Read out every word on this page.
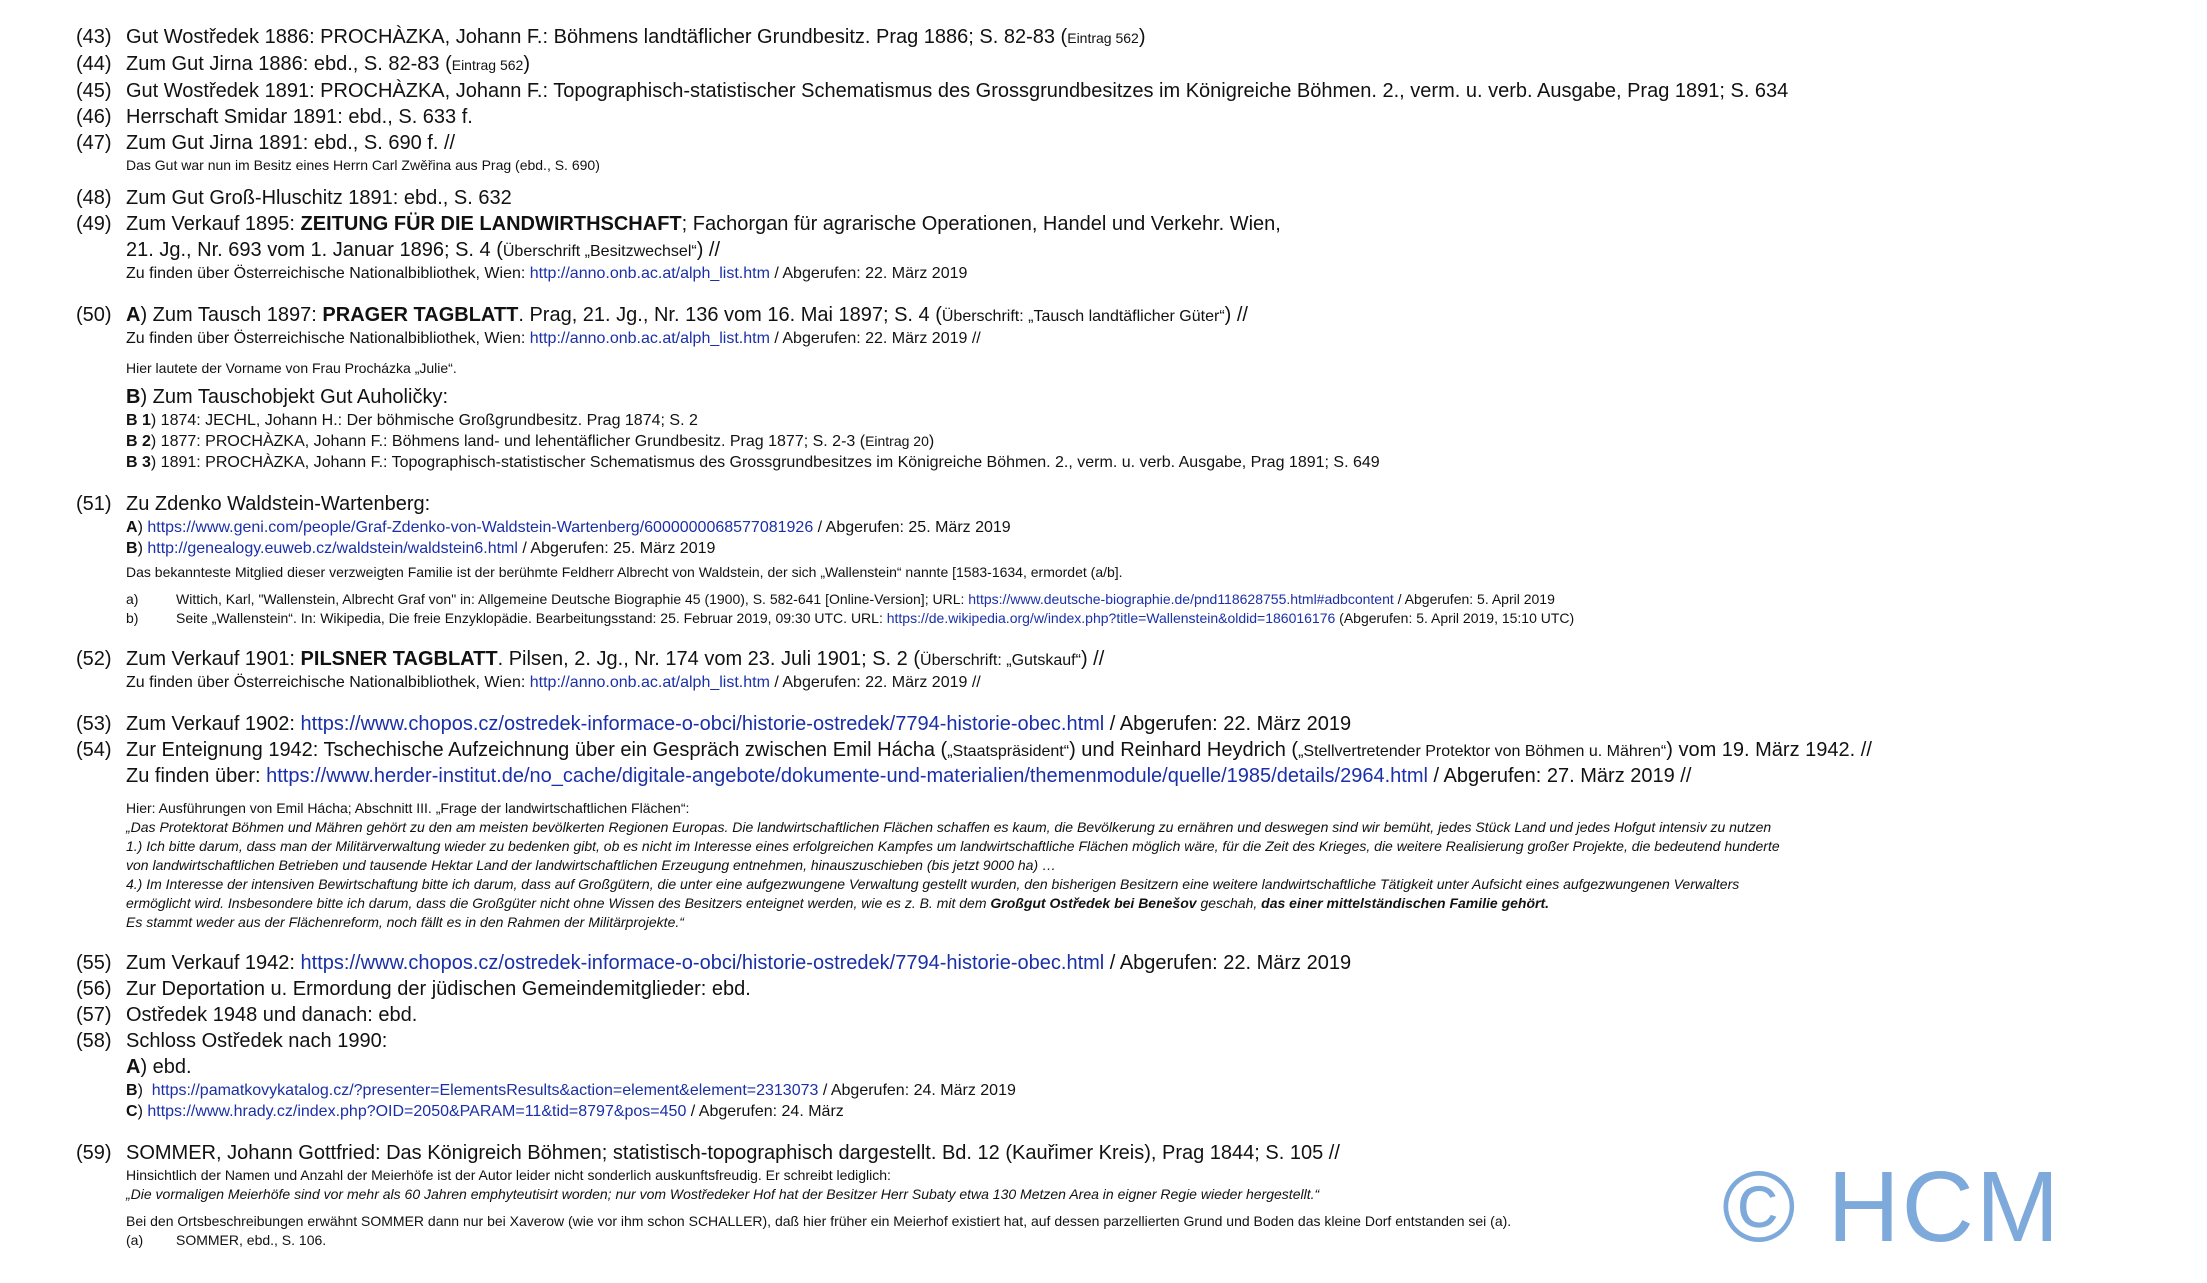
(43) Gut Wostředek 1886: PROCHÀZKA, Johann F.: Böhmens landtäflicher Grundbesitz. Prag 1886; S. 82-83 (Eintrag 562)
(44) Zum Gut Jirna 1886: ebd., S. 82-83 (Eintrag 562)
(45) Gut Wostředek 1891: PROCHÀZKA, Johann F.: Topographisch-statistischer Schematismus des Grossgrundbesitzes im Königreiche Böhmen. 2., verm. u. verb. Ausgabe, Prag 1891; S. 634
(46) Herrschaft Smidar 1891: ebd., S. 633 f.
(47) Zum Gut Jirna 1891: ebd., S. 690 f. //
Das Gut war nun im Besitz eines Herrn Carl Zwěřina aus Prag (ebd., S. 690)
(48) Zum Gut Groß-Hluschitz 1891: ebd., S. 632
(49) Zum Verkauf 1895: ZEITUNG FÜR DIE LANDWIRTHSCHAFT; Fachorgan für agrarische Operationen, Handel und Verkehr. Wien,
21. Jg., Nr. 693 vom 1. Januar 1896; S. 4 (Überschrift „Besitzwechsel“) //
Zu finden über Österreichische Nationalbibliothek, Wien: http://anno.onb.ac.at/alph_list.htm / Abgerufen: 22. März 2019
(50) A) Zum Tausch 1897: PRAGER TAGBLATT. Prag, 21. Jg., Nr. 136 vom 16. Mai 1897; S. 4 (Überschrift: „Tausch landtäflicher Güter“) //
Zu finden über Österreichische Nationalbibliothek, Wien: http://anno.onb.ac.at/alph_list.htm / Abgerufen: 22. März 2019 //
Hier lautete der Vorname von Frau Procházka „Julie“.
B) Zum Tauschobjekt Gut Auholičky:
B 1) 1874: JECHL, Johann H.: Der böhmische Großgrundbesitz. Prag 1874; S. 2
B 2) 1877: PROCHÀZKA, Johann F.: Böhmens land- und lehentäflicher Grundbesitz. Prag 1877; S. 2-3 (Eintrag 20)
B 3) 1891: PROCHÀZKA, Johann F.: Topographisch-statistischer Schematismus des Grossgrundbesitzes im Königreiche Böhmen. 2., verm. u. verb. Ausgabe, Prag 1891; S. 649
(51) Zu Zdenko Waldstein-Wartenberg:
A) https://www.geni.com/people/Graf-Zdenko-von-Waldstein-Wartenberg/6000000068577081926 / Abgerufen: 25. März 2019
B) http://genealogy.euweb.cz/waldstein/waldstein6.html / Abgerufen: 25. März 2019
Das bekannteste Mitglied dieser verzweigten Familie ist der berühmte Feldherr Albrecht von Waldstein, der sich „Wallenstein“ nannte [1583-1634, ermordet (a/b].
a)	Wittich, Karl, "Wallenstein, Albrecht Graf von" in: Allgemeine Deutsche Biographie 45 (1900), S. 582-641 [Online-Version]; URL: https://www.deutsche-biographie.de/pnd118628755.html#adbcontent / Abgerufen: 5. April 2019
b)	Seite „Wallenstein“. In: Wikipedia, Die freie Enzyklopädie. Bearbeitungsstand: 25. Februar 2019, 09:30 UTC. URL: https://de.wikipedia.org/w/index.php?title=Wallenstein&oldid=186016176 (Abgerufen: 5. April 2019, 15:10 UTC)
(52) Zum Verkauf 1901: PILSNER TAGBLATT. Pilsen, 2. Jg., Nr. 174 vom 23. Juli 1901; S. 2 (Überschrift: „Gutskauf“) //
Zu finden über Österreichische Nationalbibliothek, Wien: http://anno.onb.ac.at/alph_list.htm / Abgerufen: 22. März 2019 //
(53) Zum Verkauf 1902: https://www.chopos.cz/ostredek-informace-o-obci/historie-ostredek/7794-historie-obec.html / Abgerufen: 22. März 2019
(54) Zur Enteignung 1942: Tschechische Aufzeichnung über ein Gespräch zwischen Emil Hácha („Staatspräsident“) und Reinhard Heydrich („Stellvertretender Protektor von Böhmen u. Mähren“) vom 19. März 1942. //
Zu finden über: https://www.herder-institut.de/no_cache/digitale-angebote/dokumente-und-materialien/themenmodule/quelle/1985/details/2964.html / Abgerufen: 27. März 2019 //
Hier: Ausführungen von Emil Hácha; Abschnitt III. „Frage der landwirtschaftlichen Flächen“:
„Das Protektorat Böhmen und Mähren gehört zu den am meisten bevölkerten Regionen Europas. Die landwirtschaftlichen Flächen schaffen es kaum, die Bevölkerung zu ernähren und deswegen sind wir bemüht, jedes Stück Land und jedes Hofgut intensiv zu nutzen
1.) Ich bitte darum, dass man der Militärverwaltung wieder zu bedenken gibt, ob es nicht im Interesse eines erfolgreichen Kampfes um landwirtschaftliche Flächen möglich wäre, für die Zeit des Krieges, die weitere Realisierung großer Projekte, die bedeutend hunderte
von landwirtschaftlichen Betrieben und tausende Hektar Land der landwirtschaftlichen Erzeugung entnehmen, hinauszuschieben (bis jetzt 9000 ha) …
4.) Im Interesse der intensiven Bewirtschaftung bitte ich darum, dass auf Großgütern, die unter eine aufgezwungene Verwaltung gestellt wurden, den bisherigen Besitzern eine weitere landwirtschaftliche Tätigkeit unter Aufsicht eines aufgezwungenen Verwalters
ermöglicht wird. Insbesondere bitte ich darum, dass die Großgüter nicht ohne Wissen des Besitzers enteignet werden, wie es z. B. mit dem Großgut Ostředek bei Benešov geschah, das einer mittelständischen Familie gehört.
Es stammt weder aus der Flächenreform, noch fällt es in den Rahmen der Militärprojekte.“
(55) Zum Verkauf 1942: https://www.chopos.cz/ostredek-informace-o-obci/historie-ostredek/7794-historie-obec.html / Abgerufen: 22. März 2019
(56) Zur Deportation u. Ermordung der jüdischen Gemeindemitglieder: ebd.
(57) Ostředek 1948 und danach: ebd.
(58) Schloss Ostředek nach 1990:
A) ebd.
B)  https://pamatkovykatalog.cz/?presenter=ElementsResults&action=element&element=2313073 / Abgerufen: 24. März 2019
C) https://www.hrady.cz/index.php?OID=2050&PARAM=11&tid=8797&pos=450 / Abgerufen: 24. März
(59) SOMMER, Johann Gottfried: Das Königreich Böhmen; statistisch-topographisch dargestellt. Bd. 12 (Kauřimer Kreis), Prag 1844; S. 105 //
Hinsichtlich der Namen und Anzahl der Meierhöfe ist der Autor leider nicht sonderlich auskunftsfreudig. Er schreibt lediglich:
„Die vormaligen Meierhöfe sind vor mehr als 60 Jahren emphyteutisirt worden; nur vom Wostředeker Hof hat der Besitzer Herr Subaty etwa 130 Metzen Area in eigner Regie wieder hergestellt.“
Bei den Ortsbeschreibungen erwähnt SOMMER dann nur bei Xaverow (wie vor ihm schon SCHALLER), daß hier früher ein Meierhof existiert hat, auf dessen parzellierten Grund und Boden das kleine Dorf entstanden sei (a).
(a)	SOMMER, ebd., S. 106.	© HCM
